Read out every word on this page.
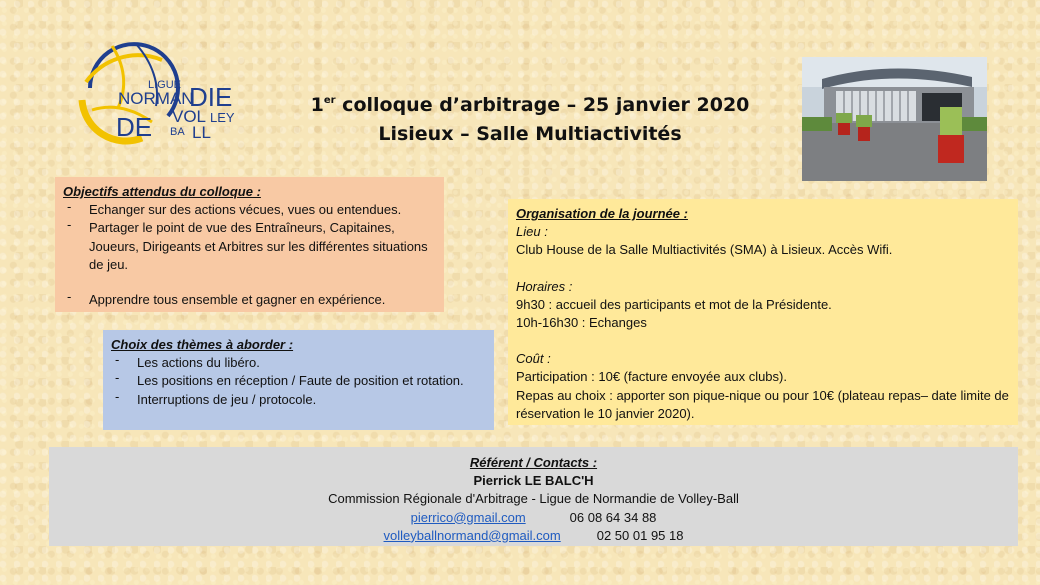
LIGUE
NORMAN
DIE
DE VOL LEY
BA LL
1er colloque d’arbitrage – 25 janvier 2020
Lisieux – Salle Multiactivités
Objectifs attendus du colloque :
- Echanger sur des actions vécues, vues ou entendues.
- Partager le point de vue des Entraîneurs, Capitaines, Joueurs, Dirigeants et Arbitres sur les différentes situations de jeu.
- Apprendre tous ensemble et gagner en expérience.
Choix des thèmes à aborder :
- Les actions du libéro.
- Les positions en réception / Faute de position et rotation.
- Interruptions de jeu / protocole.
Organisation de la journée :
Lieu :
Club House de la Salle Multiactivités (SMA) à Lisieux. Accès Wifi.
Horaires :
9h30 : accueil des participants et mot de la Présidente.
10h-16h30 : Echanges
Coût :
Participation : 10€ (facture envoyée aux clubs).
Repas au choix : apporter son pique-nique ou pour 10€ (plateau repas– date limite de réservation le 10 janvier 2020).
Référent / Contacts :
Pierrick LE BALC'H
Commission Régionale d'Arbitrage - Ligue de Normandie de Volley-Ball
pierrico@gmail.com	06 08 64 34 88
volleyballnormand@gmail.com	02 50 01 95 18
